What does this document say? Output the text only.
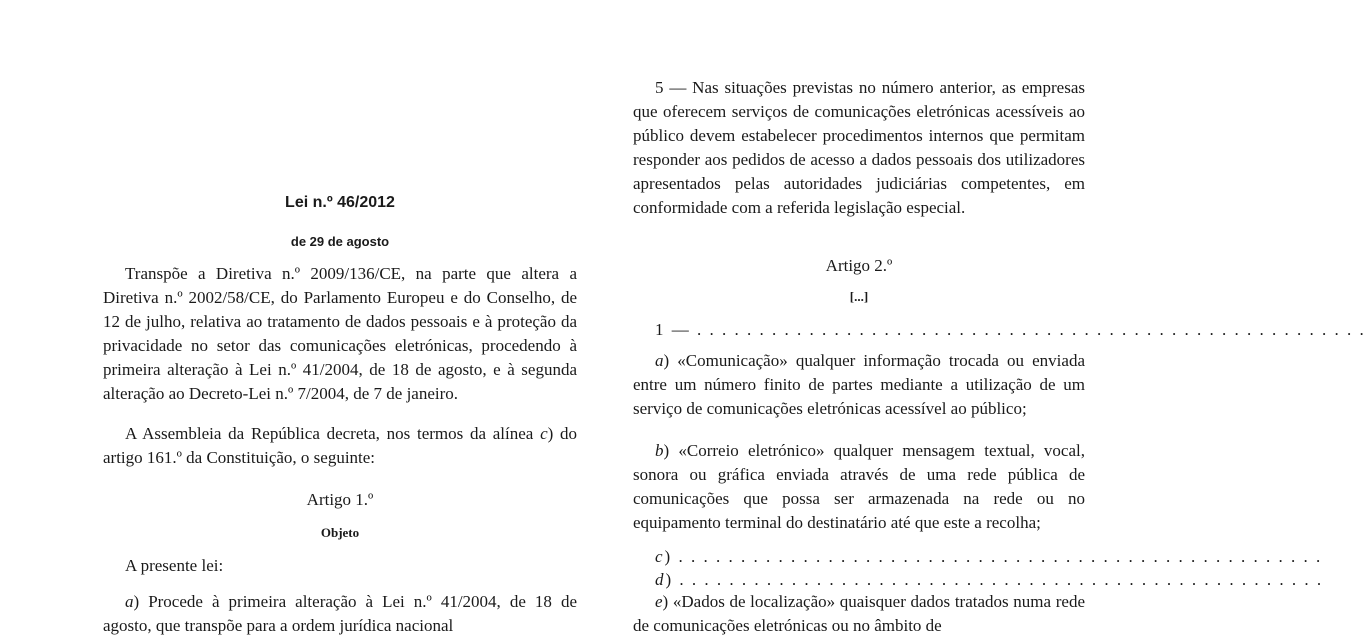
Lei n.º 46/2012
de 29 de agosto

Transpõe a Diretiva n.º 2009/136/CE, na parte que altera a Diretiva n.º 2002/58/CE, do Parlamento Europeu e do Conselho, de 12 de julho, relativa ao tratamento de dados pessoais e à proteção da privacidade no setor das comunicações eletrónicas, procedendo à primeira alteração à Lei n.º 41/2004, de 18 de agosto, e à segunda alteração ao Decreto-Lei n.º 7/2004, de 7 de janeiro.

A Assembleia da República decreta, nos termos da alínea c) do artigo 161.º da Constituição, o seguinte:

Artigo 1.º
Objeto

A presente lei:

a) Procede à primeira alteração à Lei n.º 41/2004, de 18 de agosto, que transpõe para a ordem jurídica nacional

5 — Nas situações previstas no número anterior, as empresas que oferecem serviços de comunicações eletrónicas acessíveis ao público devem estabelecer procedimentos internos que permitam responder aos pedidos de acesso a dados pessoais dos utilizadores apresentados pelas autoridades judiciárias competentes, em conformidade com a referida legislação especial.

Artigo 2.º
[...]
1 — . . . . . . . . . . . . . . . . . . . . . . . . . . . . . . . . . . . . . . . . . . . . . . . . . . . . . .

a) «Comunicação» qualquer informação trocada ou enviada entre um número finito de partes mediante a utilização de um serviço de comunicações eletrónicas acessível ao público;

b) «Correio eletrónico» qualquer mensagem textual, vocal, sonora ou gráfica enviada através de uma rede pública de comunicações que possa ser armazenada na rede ou no equipamento terminal do destinatário até que este a recolha;

c) . . . . . . . . . . . . . . . . . . . . . . . . . . . . . . . . . . . . . . . . . . . . . . . . . . . .
d) . . . . . . . . . . . . . . . . . . . . . . . . . . . . . . . . . . . . . . . . . . . . . . . . . . . .

e) «Dados de localização» quaisquer dados tratados numa rede de comunicações eletrónicas ou no âmbito de
